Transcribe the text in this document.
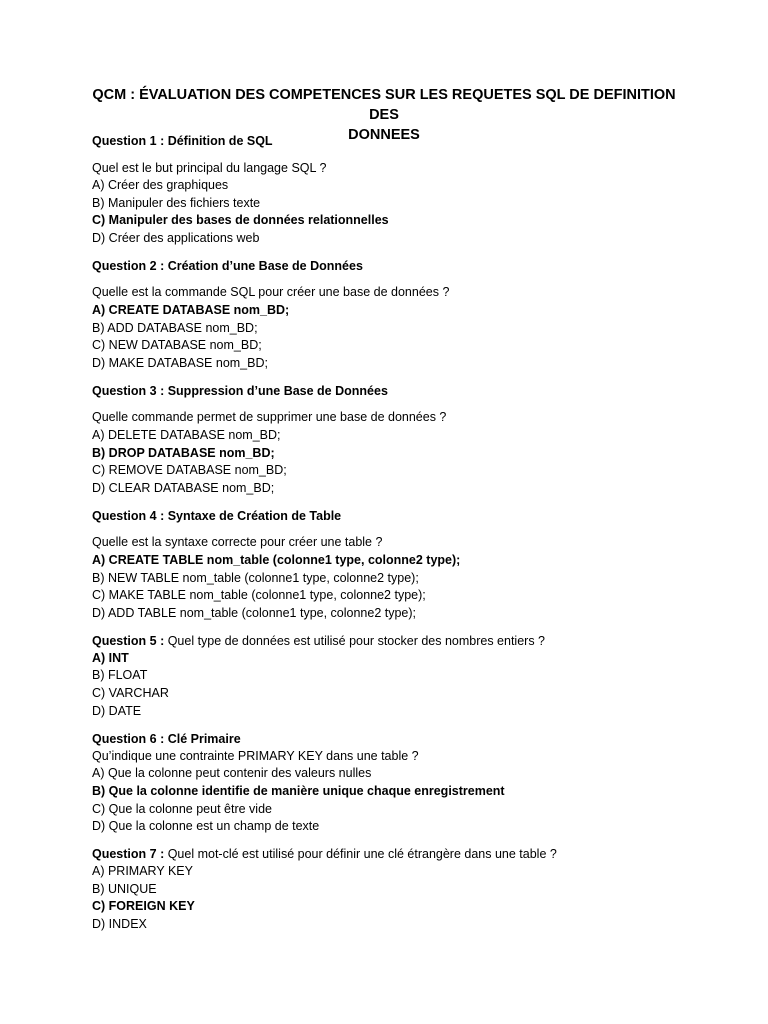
QCM : ÉVALUATION DES COMPETENCES SUR LES REQUETES SQL DE DEFINITION DES
DONNEES
Question 1 : Définition de SQL
Quel est le but principal du langage SQL ?
A) Créer des graphiques
B) Manipuler des fichiers texte
C) Manipuler des bases de données relationnelles
D) Créer des applications web
Question 2 : Création d’une Base de Données
Quelle est la commande SQL pour créer une base de données ?
A) CREATE DATABASE nom_BD;
B) ADD DATABASE nom_BD;
C) NEW DATABASE nom_BD;
D) MAKE DATABASE nom_BD;
Question 3 : Suppression d’une Base de Données
Quelle commande permet de supprimer une base de données ?
A) DELETE DATABASE nom_BD;
B) DROP DATABASE nom_BD;
C) REMOVE DATABASE nom_BD;
D) CLEAR DATABASE nom_BD;
Question 4 : Syntaxe de Création de Table
Quelle est la syntaxe correcte pour créer une table ?
A) CREATE TABLE nom_table (colonne1 type, colonne2 type);
B) NEW TABLE nom_table (colonne1 type, colonne2 type);
C) MAKE TABLE nom_table (colonne1 type, colonne2 type);
D) ADD TABLE nom_table (colonne1 type, colonne2 type);
Question 5 : Quel type de données est utilisé pour stocker des nombres entiers ?
A) INT
B) FLOAT
C) VARCHAR
D) DATE
Question 6 : Clé Primaire
Qu’indique une contrainte PRIMARY KEY dans une table ?
A) Que la colonne peut contenir des valeurs nulles
B) Que la colonne identifie de manière unique chaque enregistrement
C) Que la colonne peut être vide
D) Que la colonne est un champ de texte
Question 7 : Quel mot-clé est utilisé pour définir une clé étrangère dans une table ?
A) PRIMARY KEY
B) UNIQUE
C) FOREIGN KEY
D) INDEX
